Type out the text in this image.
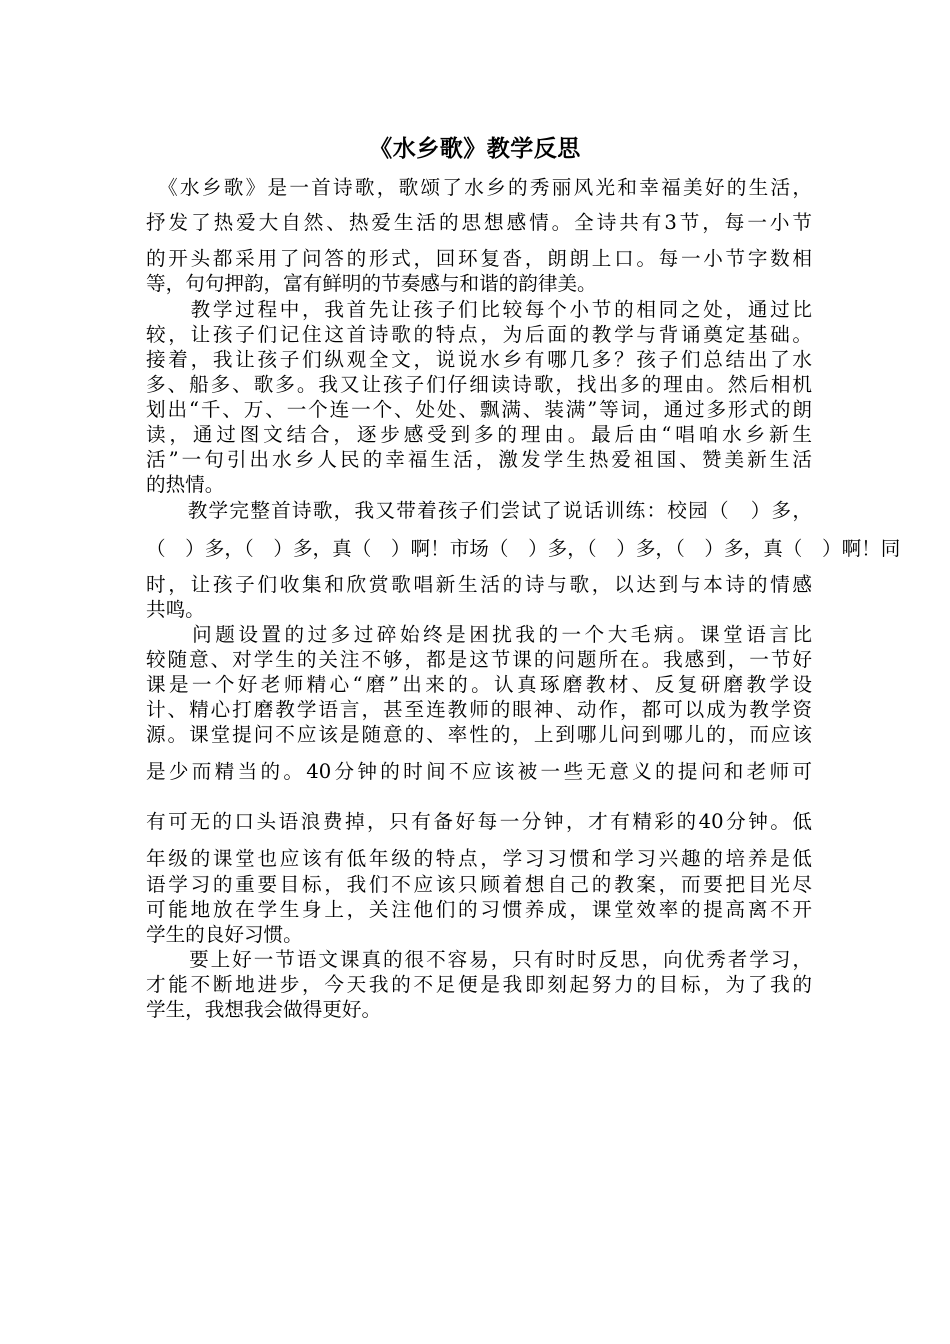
《水乡歌》教学反思
　《水乡歌》是一首诗歌，歌颂了水乡的秀丽风光和幸福美好的生活，
抒发了热爱大自然、热爱生活的思想感情。全诗共有3节，每一小节
的开头都采用了问答的形式，回环复沓，朗朗上口。每一小节字数相
等，句句押韵，富有鲜明的节奏感与和谐的韵律美。
　　教学过程中，我首先让孩子们比较每个小节的相同之处，通过比
较，让孩子们记住这首诗歌的特点，为后面的教学与背诵奠定基础。
接着，我让孩子们纵观全文，说说水乡有哪几多？孩子们总结出了水
多、船多、歌多。我又让孩子们仔细读诗歌，找出多的理由。然后相机
划出“千、万、一个连一个、处处、飘满、装满”等词，通过多形式的朗
读，通过图文结合，逐步感受到多的理由。最后由“唱咱水乡新生
活”一句引出水乡人民的幸福生活，激发学生热爱祖国、赞美新生活
的热情。
　　教学完整首诗歌，我又带着孩子们尝试了说话训练：校园（　）多，
（　）多，（　）多，真（　）啊！市场（　）多，（　）多，（　）多，真（　）啊！同
时，让孩子们收集和欣赏歌唱新生活的诗与歌，以达到与本诗的情感
共鸣。
　　问题设置的过多过碎始终是困扰我的一个大毛病。课堂语言比
较随意、对学生的关注不够，都是这节课的问题所在。我感到，一节好
课是一个好老师精心“磨”出来的。认真琢磨教材、反复研磨教学设
计、精心打磨教学语言，甚至连教师的眼神、动作，都可以成为教学资
源。课堂提问不应该是随意的、率性的，上到哪儿问到哪儿的，而应该
是少而精当的。40分钟的时间不应该被一些无意义的提问和老师可
有可无的口头语浪费掉，只有备好每一分钟，才有精彩的40分钟。低
年级的课堂也应该有低年级的特点，学习习惯和学习兴趣的培养是低
语学习的重要目标，我们不应该只顾着想自己的教案，而要把目光尽
可能地放在学生身上，关注他们的习惯养成，课堂效率的提高离不开
学生的良好习惯。
　　要上好一节语文课真的很不容易，只有时时反思，向优秀者学习，
才能不断地进步，今天我的不足便是我即刻起努力的目标，为了我的
学生，我想我会做得更好。
